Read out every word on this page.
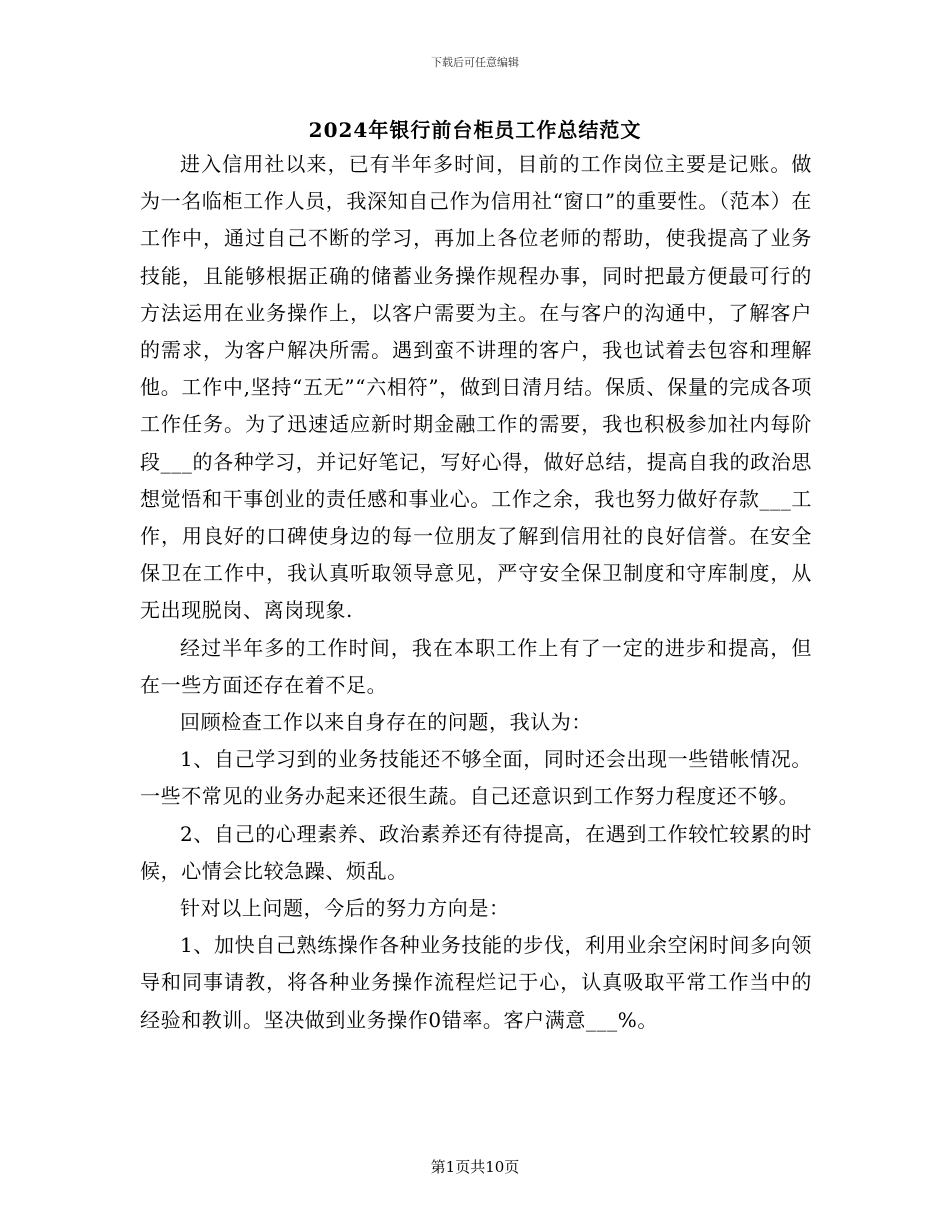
下载后可任意编辑
2024年银行前台柜员工作总结范文

进入信用社以来，已有半年多时间，目前的工作岗位主要是记账。做为一名临柜工作人员，我深知自己作为信用社“窗口”的重要性。（范本）在工作中，通过自己不断的学习，再加上各位老师的帮助，使我提高了业务技能，且能够根据正确的储蓄业务操作规程办事，同时把最方便最可行的方法运用在业务操作上，以客户需要为主。在与客户的沟通中，了解客户的需求，为客户解决所需。遇到蛮不讲理的客户，我也试着去包容和理解他。工作中,坚持“五无”“六相符”，做到日清月结。保质、保量的完成各项工作任务。为了迅速适应新时期金融工作的需要，我也积极参加社内每阶段___的各种学习，并记好笔记，写好心得，做好总结，提高自我的政治思想觉悟和干事创业的责任感和事业心。工作之余，我也努力做好存款___工作，用良好的口碑使身边的每一位朋友了解到信用社的良好信誉。在安全保卫在工作中，我认真听取领导意见，严守安全保卫制度和守库制度，从无出现脱岗、离岗现象.

经过半年多的工作时间，我在本职工作上有了一定的进步和提高，但在一些方面还存在着不足。

回顾检查工作以来自身存在的问题，我认为：

1、自己学习到的业务技能还不够全面，同时还会出现一些错帐情况。一些不常见的业务办起来还很生蔬。自己还意识到工作努力程度还不够。

2、自己的心理素养、政治素养还有待提高，在遇到工作较忙较累的时候，心情会比较急躁、烦乱。

针对以上问题，今后的努力方向是：

1、加快自己熟练操作各种业务技能的步伐，利用业余空闲时间多向领导和同事请教，将各种业务操作流程烂记于心，认真吸取平常工作当中的经验和教训。坚决做到业务操作0错率。客户满意___%。

第1页共10页
